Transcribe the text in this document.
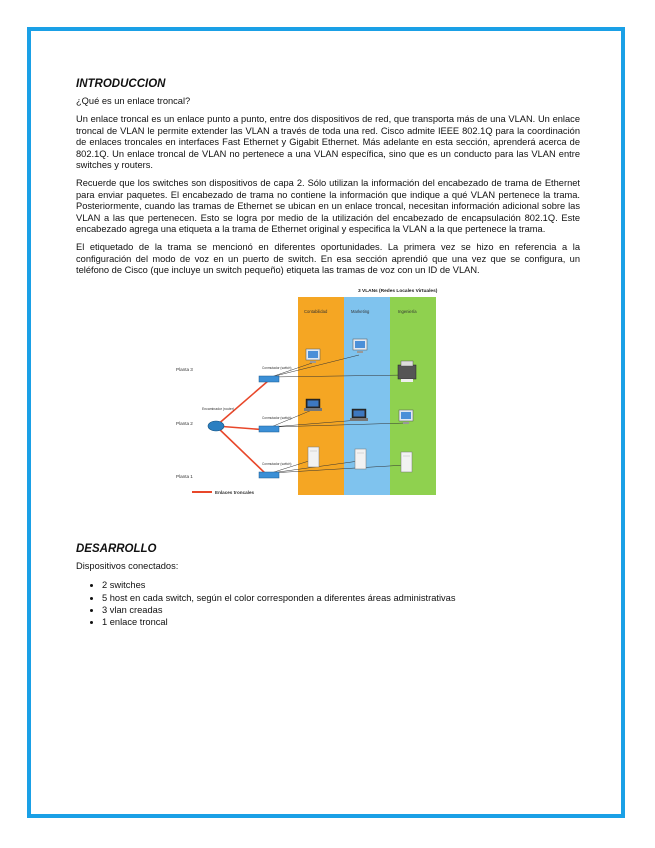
INTRODUCCION

¿Qué es un enlace troncal?

Un enlace troncal es un enlace punto a punto, entre dos dispositivos de red, que transporta más de una VLAN. Un enlace troncal de VLAN le permite extender las VLAN a través de toda una red. Cisco admite IEEE 802.1Q para la coordinación de enlaces troncales en interfaces Fast Ethernet y Gigabit Ethernet. Más adelante en esta sección, aprenderá acerca de 802.1Q. Un enlace troncal de VLAN no pertenece a una VLAN específica, sino que es un conducto para las VLAN entre switches y routers.

Recuerde que los switches son dispositivos de capa 2. Sólo utilizan la información del encabezado de trama de Ethernet para enviar paquetes. El encabezado de trama no contiene la información que indique a qué VLAN pertenece la trama. Posteriormente, cuando las tramas de Ethernet se ubican en un enlace troncal, necesitan información adicional sobre las VLAN a las que pertenecen. Esto se logra por medio de la utilización del encabezado de encapsulación 802.1Q. Este encabezado agrega una etiqueta a la trama de Ethernet original y especifica la VLAN a la que pertenece la trama.

El etiquetado de la trama se mencionó en diferentes oportunidades. La primera vez se hizo en referencia a la configuración del modo de voz en un puerto de switch. En esa sección aprendió que una vez que se configura, un teléfono de Cisco (que incluye un switch pequeño) etiqueta las tramas de voz con un ID de VLAN.

3 VLANs (Redes Locales Virtuales)
Contabilidad	Marketing	Ingeniería
Planta 3
Planta 2
Planta 1
Encaminador (router)
Conmutador (switch)
Conmutador (switch)
Conmutador (switch)
Enlaces troncales
DESARROLLO

Dispositivos conectados:

• 2 switches
• 5 host en cada switch, según el color corresponden a diferentes áreas administrativas
• 3 vlan creadas
• 1 enlace troncal
